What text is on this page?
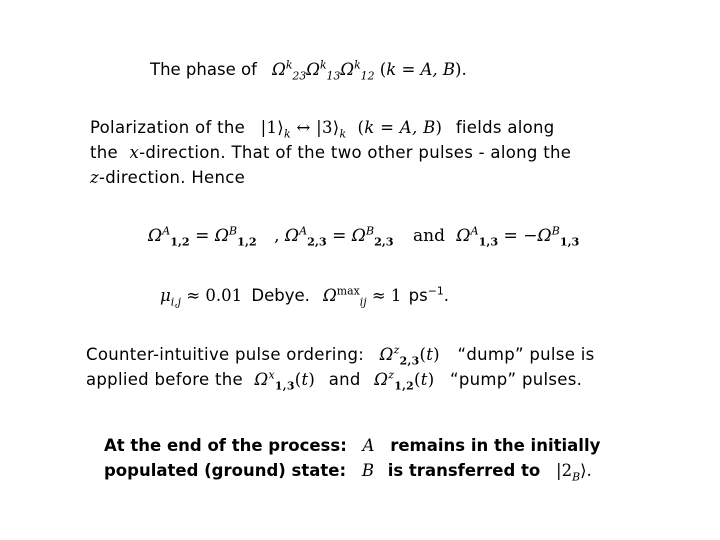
The phase of $\Omega^k_{23}\Omega^k_{13}\Omega^k_{12}$ (k = A, B).
Polarization of the $|1⟩_k$ ↔ $|3⟩_k$  (k = A, B) fields along
the x-direction. That of the two other pulses - along the
z-direction. Hence
$\Omega^A_{1,2} = \Omega^B_{1,2}$ , $\Omega^A_{2,3} = \Omega^B_{2,3}$ and $\Omega^A_{1,3} = -\Omega^B_{1,3}$
$\mu_{i,j} \approx 0.01$ Debye. $\Omega^{max}_{ij} \approx 1$ $ps^{-1}$.
Counter-intuitive pulse ordering: $\Omega^z_{2,3}(t)$ “dump” pulse is
applied before the $\Omega^x_{1,3}(t)$ and $\Omega^z_{1,2}(t)$ “pump” pulses.
At the end of the process: A remains in the initially
populated (ground) state: B is transferred to $|2_B⟩$.
